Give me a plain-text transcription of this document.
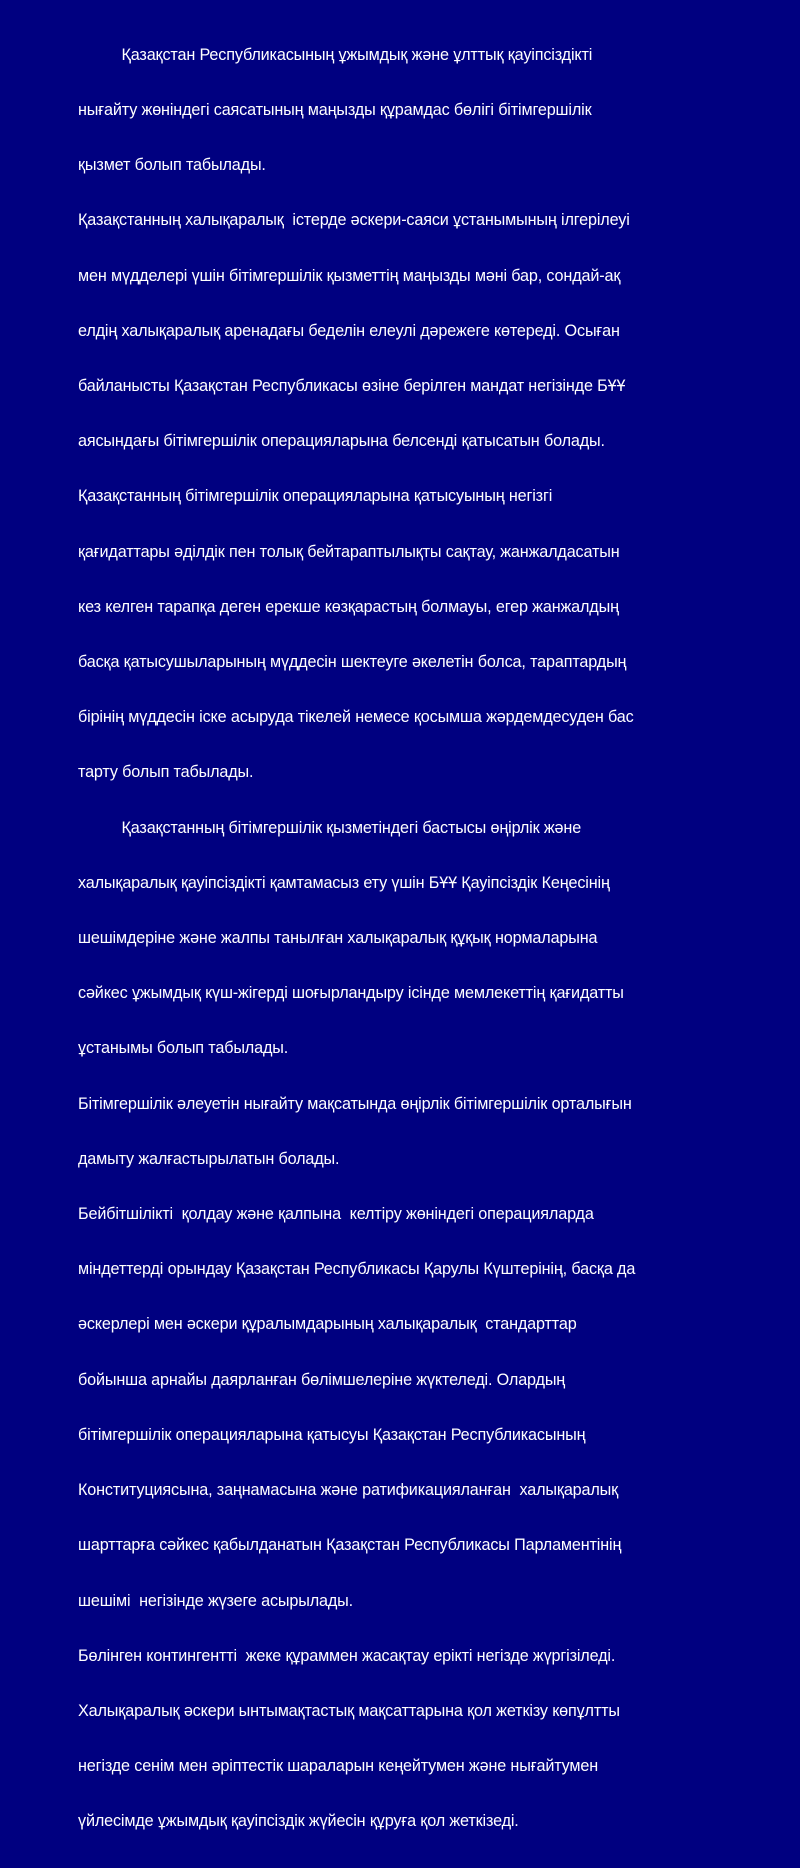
Қазақстан Республикасының ұжымдық және ұлттық қауіпсіздікті

нығайту жөніндегі саясатының маңызды құрамдас бөлігі бітімгершілік

қызмет болып табылады.

Қазақстанның халықаралық  істерде әскери-саяси ұстанымының ілгерілеуі

мен мүдделері үшін бітімгершілік қызметтің маңызды мәні бар, сондай-ақ

елдің халықаралық аренадағы беделін елеулі дәрежеге көтереді. Осыған

байланысты Қазақстан Республикасы өзіне берілген мандат негізінде БҰҰ

аясындағы бітімгершілік операцияларына белсенді қатысатын болады.

Қазақстанның бітімгершілік операцияларына қатысуының негізгі

қағидаттары әділдік пен толық бейтараптылықты сақтау, жанжалдасатын

кез келген тарапқа деген ерекше көзқарастың болмауы, егер жанжалдың

басқа қатысушыларының мүддесін шектеуге әкелетін болса, тараптардың

бірінің мүддесін іске асыруда тікелей немесе қосымша жәрдемдесуден бас

тарту болып табылады.

Қазақстанның бітімгершілік қызметіндегі бастысы өңірлік және

халықаралық қауіпсіздікті қамтамасыз ету үшін БҰҰ Қауіпсіздік Кеңесінің

шешімдеріне және жалпы танылған халықаралық құқық нормаларына

сәйкес ұжымдық күш-жігерді шоғырландыру ісінде мемлекеттің қағидатты

ұстанымы болып табылады.

Бітімгершілік әлеуетін нығайту мақсатында өңірлік бітімгершілік орталығын

дамыту жалғастырылатын болады.

Бейбітшілікті  қолдау және қалпына  келтіру жөніндегі операцияларда

міндеттерді орындау Қазақстан Республикасы Қарулы Күштерінің, басқа да

әскерлері мен әскери құралымдарының халықаралық  стандарттар

бойынша арнайы даярланған бөлімшелеріне жүктеледі. Олардың

бітімгершілік операцияларына қатысуы Қазақстан Республикасының

Конституциясына, заңнамасына және ратификацияланған  халықаралық

шарттарға сәйкес қабылданатын Қазақстан Республикасы Парламентінің

шешімі  негізінде жүзеге асырылады.

Бөлінген контингентті  жеке құраммен жасақтау ерікті негізде жүргізіледі.

Халықаралық әскери ынтымақтастық мақсаттарына қол жеткізу көпұлтты

негізде сенім мен әріптестік шараларын кеңейтумен және нығайтумен

үйлесімде ұжымдық қауіпсіздік жүйесін құруға қол жеткізеді.
